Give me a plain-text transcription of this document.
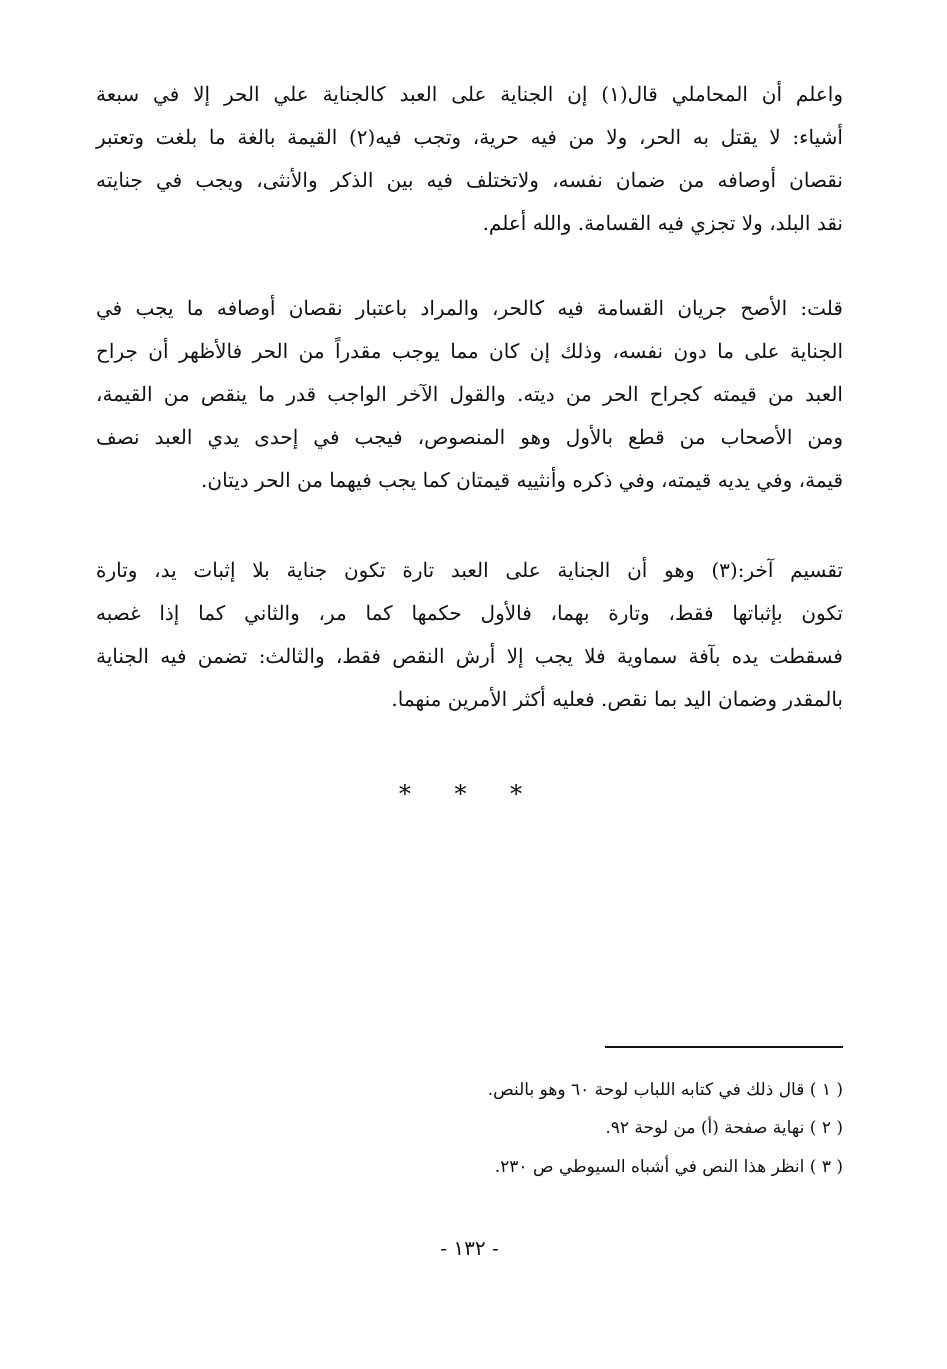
واعلم أن المحاملي قال(١) إن الجناية على العبد كالجناية علي الحر إلا في سبعة
أشياء: لا يقتل به الحر، ولا من فيه حرية، وتجب فيه(٢) القيمة بالغة ما بلغت وتعتبر
نقصان أوصافه من ضمان نفسه، ولاتختلف فيه بين الذكر والأنثى، ويجب في جنايته
نقد البلد، ولا تجزي فيه القسامة. والله أعلم.
قلت: الأصح جريان القسامة فيه كالحر، والمراد باعتبار نقصان أوصافه ما يجب في
الجناية على ما دون نفسه، وذلك إن كان مما يوجب مقدراً من الحر فالأظهر أن جراح
العبد من قيمته كجراح الحر من ديته. والقول الآخر الواجب قدر ما ينقص من القيمة،
ومن الأصحاب من قطع بالأول وهو المنصوص، فيجب في إحدى يدي العبد نصف
قيمة، وفي يديه قيمته، وفي ذكره وأنثييه قيمتان كما يجب فيهما من الحر ديتان.
تقسيم آخر:(٣) وهو أن الجناية على العبد تارة تكون جناية بلا إثبات يد، وتارة
تكون بإثباتها فقط، وتارة بهما، فالأول حكمها كما مر، والثاني كما إذا غصبه
فسقطت يده بآفة سماوية فلا يجب إلا أرش النقص فقط، والثالث: تضمن فيه الجناية
بالمقدر وضمان اليد بما نقص. فعليه أكثر الأمرين منهما.
* * *
( ١ ) قال ذلك في كتابه اللباب لوحة ٦٠ وهو بالنص.
( ٢ ) نهاية صفحة (أ) من لوحة ٩٢.
( ٣ ) انظر هذا النص في أشباه السيوطي ص ٢٣٠.
- ١٣٢ -
